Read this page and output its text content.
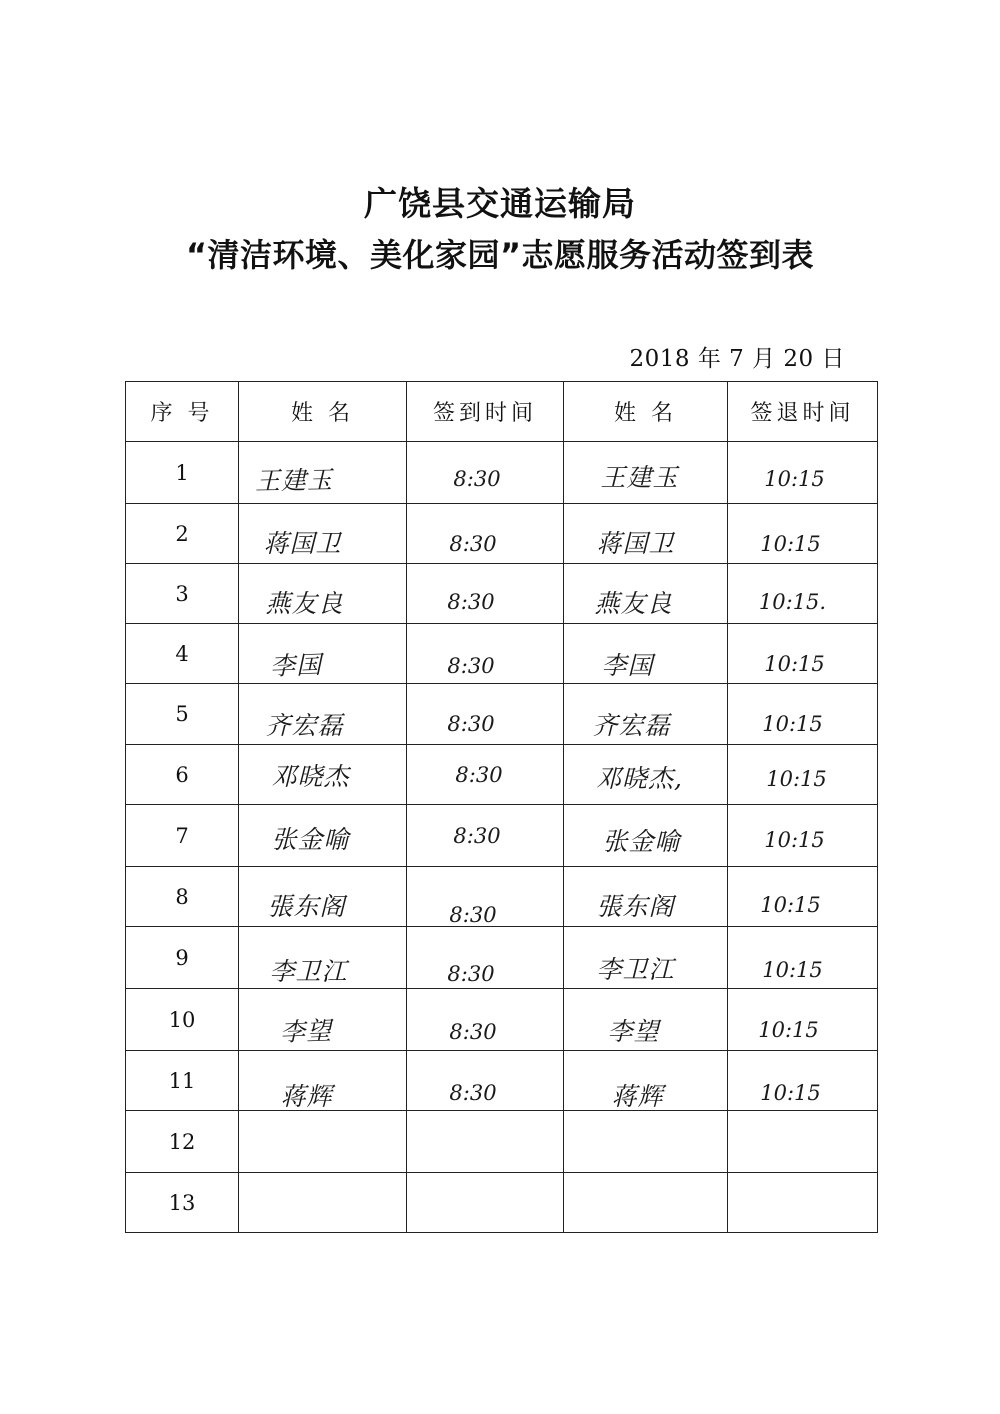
广饶县交通运输局
“清洁环境、美化家园”志愿服务活动签到表
2018 年 7 月 20 日
序 号	姓 名	签到时间	姓 名	签退时间
1	王建玉	8:30	王建玉	10:15
2	蒋国卫	8:30	蒋国卫	10:15
3	燕友良	8:30	燕友良	10:15.
4	李国	8:30	李国	10:15
5	齐宏磊	8:30	齐宏磊	10:15
6	邓晓杰	8:30	邓晓杰,	10:15
7	张金喻	8:30	张金喻	10:15
8	張东阁	8:30	張东阁	10:15
9	李卫江	8:30	李卫江	10:15
10	李望	8:30	李望	10:15
11	蒋辉	8:30	蒋辉	10:15
12				
13				
